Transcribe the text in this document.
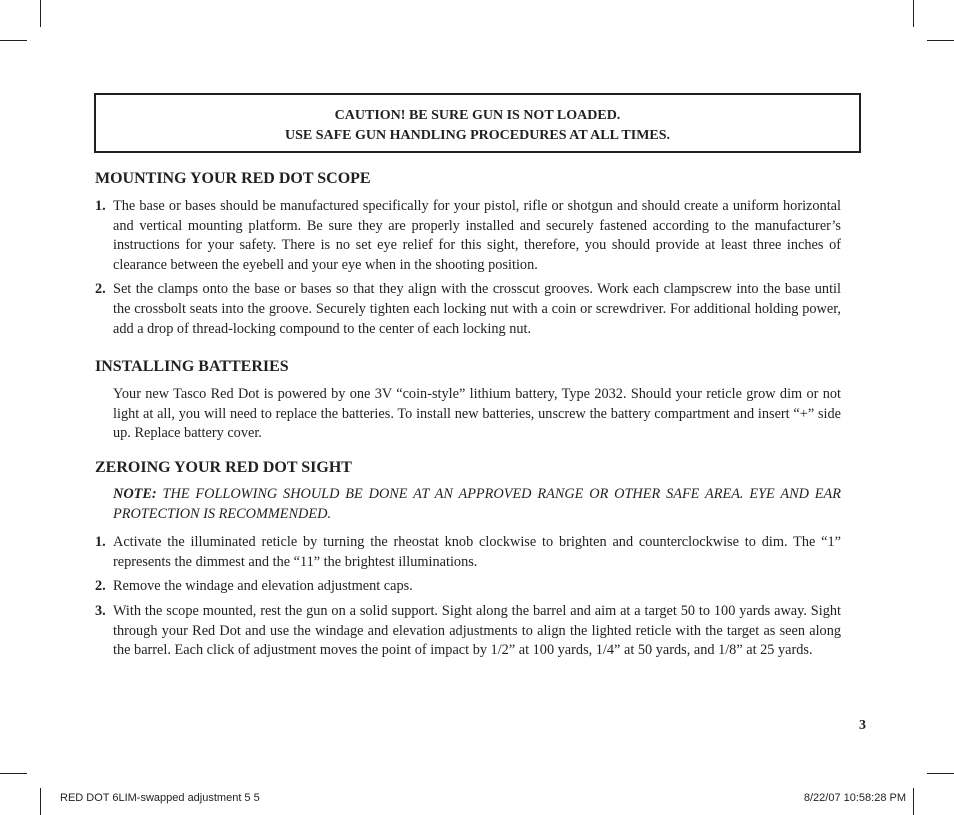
CAUTION! BE SURE GUN IS NOT LOADED.
USE SAFE GUN HANDLING PROCEDURES AT ALL TIMES.
MOUNTING YOUR RED DOT SCOPE
1. The base or bases should be manufactured specifically for your pistol, rifle or shotgun and should create a uniform horizontal and vertical mounting platform. Be sure they are properly installed and securely fastened according to the manufacturer’s instructions for your safety. There is no set eye relief for this sight, therefore, you should provide at least three inches of clearance between the eyebell and your eye when in the shooting position.
2. Set the clamps onto the base or bases so that they align with the crosscut grooves. Work each clampscrew into the base until the crossbolt seats into the groove. Securely tighten each locking nut with a coin or screwdriver. For additional holding power, add a drop of thread-locking compound to the center of each locking nut.
INSTALLING BATTERIES
Your new Tasco Red Dot is powered by one 3V “coin-style” lithium battery, Type 2032. Should your reticle grow dim or not light at all, you will need to replace the batteries. To install new batteries, unscrew the battery compartment and insert “+” side up. Replace battery cover.
ZEROING YOUR RED DOT SIGHT
NOTE: THE FOLLOWING SHOULD BE DONE AT AN APPROVED RANGE OR OTHER SAFE AREA. EYE AND EAR PROTECTION IS RECOMMENDED.
1. Activate the illuminated reticle by turning the rheostat knob clockwise to brighten and counterclockwise to dim. The “1” represents the dimmest and the “11” the brightest illuminations.
2. Remove the windage and elevation adjustment caps.
3. With the scope mounted, rest the gun on a solid support. Sight along the barrel and aim at a target 50 to 100 yards away. Sight through your Red Dot and use the windage and elevation adjustments to align the lighted reticle with the target as seen along the barrel. Each click of adjustment moves the point of impact by 1/2” at 100 yards, 1/4” at 50 yards, and 1/8” at 25 yards.
3
RED DOT 6LIM-swapped adjustment 5 5	8/22/07 10:58:28 PM
